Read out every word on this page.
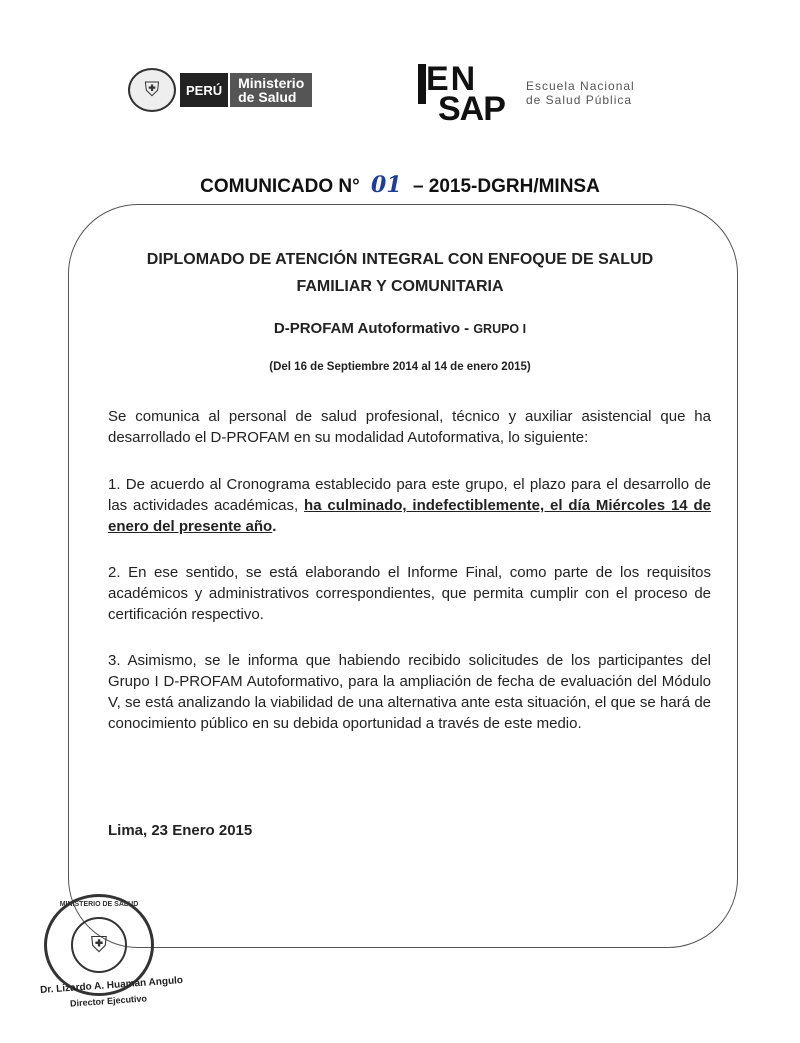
⛨	PERÚ	Ministerio
de Salud	EN
SAP
Escuela Nacional
de Salud Pública
COMUNICADO N° 01 – 2015-DGRH/MINSA
DIPLOMADO DE ATENCIÓN INTEGRAL CON ENFOQUE DE SALUD
FAMILIAR Y COMUNITARIA
D-PROFAM Autoformativo - GRUPO I
(Del 16 de Septiembre 2014 al 14 de enero 2015)
Se comunica al personal de salud profesional, técnico y auxiliar asistencial que ha desarrollado el D-PROFAM en su modalidad Autoformativa, lo siguiente:
1. De acuerdo al Cronograma establecido para este grupo, el plazo para el desarrollo de las actividades académicas, ha culminado, indefectiblemente, el día Miércoles 14 de enero del presente año.
2. En ese sentido, se está elaborando el Informe Final, como parte de los requisitos académicos y administrativos correspondientes, que permita cumplir con el proceso de certificación respectivo.
3. Asimismo, se le informa que habiendo recibido solicitudes de los participantes del Grupo I D-PROFAM Autoformativo, para la ampliación de fecha de evaluación del Módulo V, se está analizando la viabilidad de una alternativa ante esta situación, el que se hará de conocimiento público en su debida oportunidad a través de este medio.
Lima, 23 Enero 2015
MINISTERIO DE SALUD
⛨
Dr. Lizardo A. Huamán Angulo
Director Ejecutivo
